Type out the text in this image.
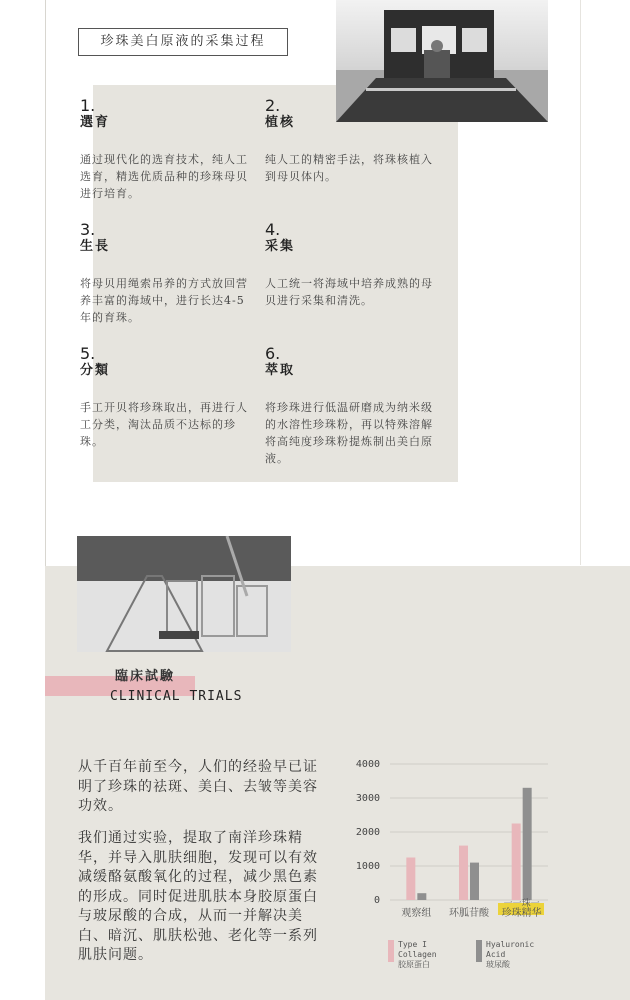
珍珠美白原液的采集过程
1.
選育
通过现代化的选育技术，纯人工选育，精选优质品种的珍珠母贝进行培育。
2.
植核
纯人工的精密手法，将珠核植入到母贝体内。
3.
生長
将母贝用绳索吊养的方式放回营养丰富的海域中，进行长达4-5年的育珠。
4.
采集
人工统一将海域中培养成熟的母贝进行采集和清洗。
5.
分類
手工开贝将珍珠取出，再进行人工分类，淘汰品质不达标的珍珠。
6.
萃取
将珍珠进行低温研磨成为纳米级的水溶性珍珠粉，再以特殊溶解将高纯度珍珠粉提炼制出美白原液。
臨床試驗
CLINICAL TRIALS
从千百年前至今，人们的经验早已证明了珍珠的祛斑、美白、去皱等美容功效。
我们通过实验，提取了南洋珍珠精华，并导入肌肤细胞，发现可以有效减缓酪氨酸氧化的过程，减少黑色素的形成。同时促进肌肤本身胶原蛋白与玻尿酸的合成，从而一并解决美白、暗沉、肌肤松弛、老化等一系列肌肤问题。
0
1000
2000
3000
4000
观察组 环胍苷酸 珍珠精华
一一珠一
Type I Collagen
胶原蛋白
Hyaluronic Acid
玻尿酸
